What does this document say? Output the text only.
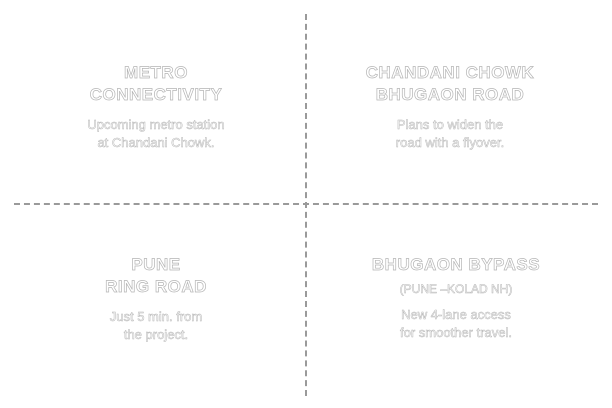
METRO
CONNECTIVITY
Upcoming metro station
at Chandani Chowk.
CHANDANI CHOWK
BHUGAON ROAD
Plans to widen the
road with a flyover.
PUNE
RING ROAD
Just 5 min. from
the project.
BHUGAON BYPASS
(PUNE –KOLAD NH)
New 4-lane access
for smoother travel.
